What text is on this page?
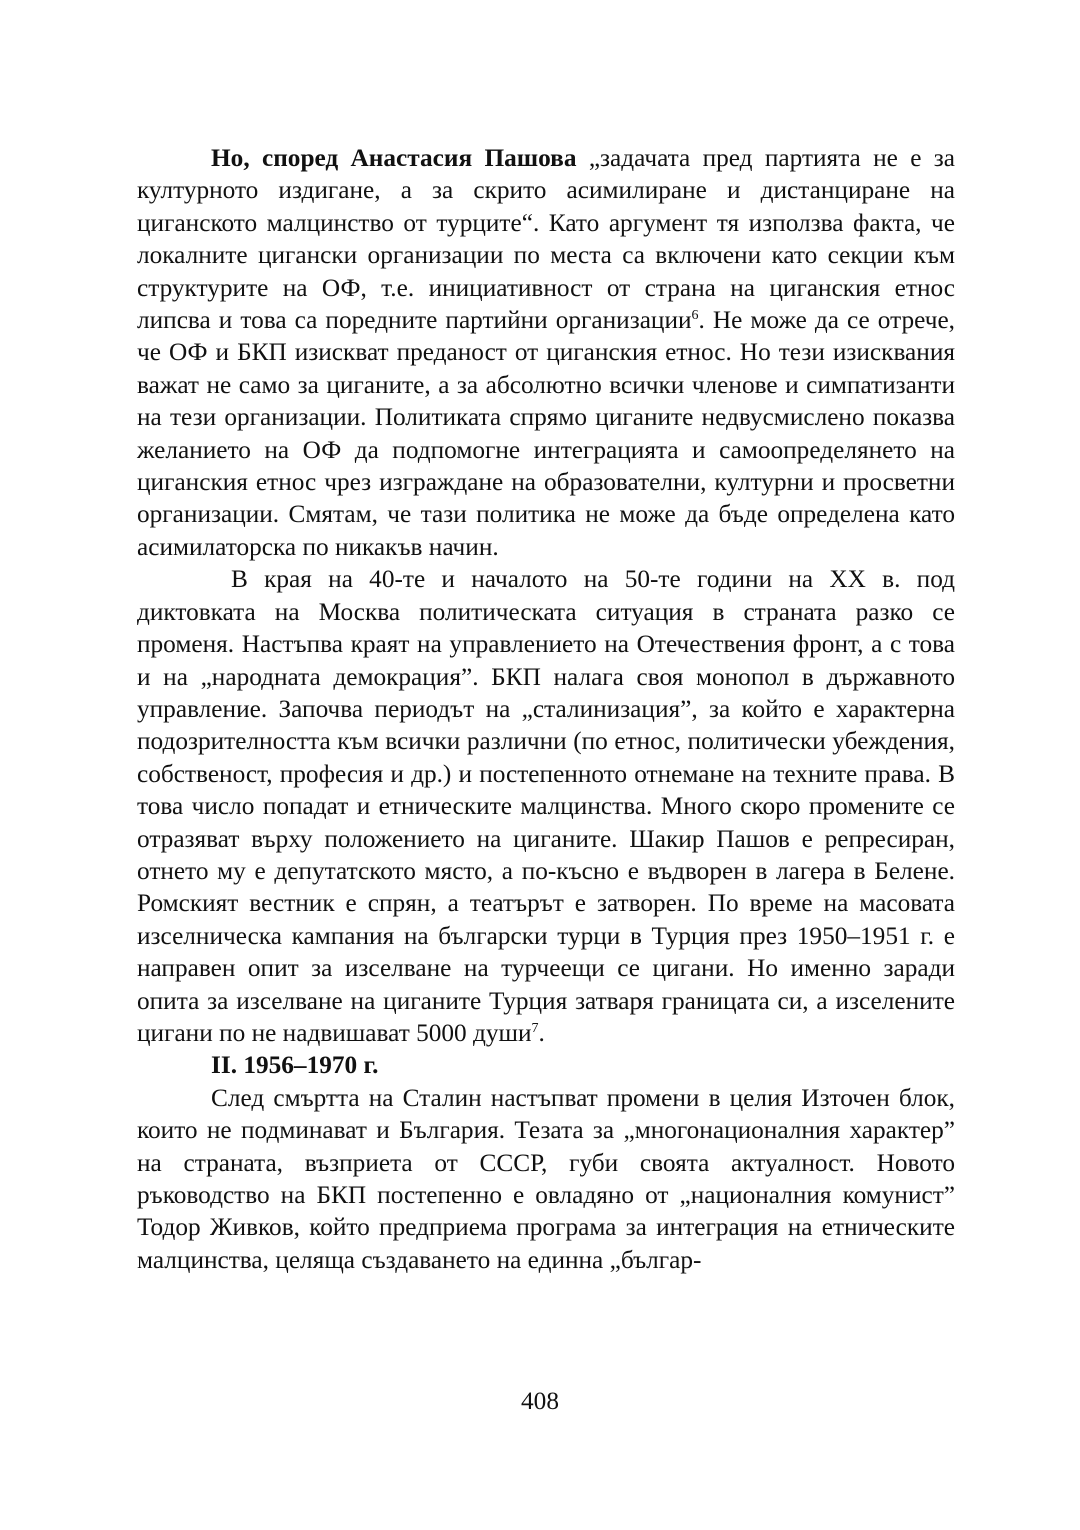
Но, според Анастасия Пашова „задачата пред партията не е за културното издигане, а за скрито асимилиране и дистанциране на циганското малцинство от турците“. Като аргумент тя използва факта, че локалните цигански организации по места са включени като секции към структурите на ОФ, т.е. инициативност от страна на циганския етнос липсва и това са поредните партийни организации$^6$. Не може да се отрече, че ОФ и БКП изискват преданост от циганския етнос. Но тези изисквания важат не само за циганите, а за абсолютно всички членове и симпатизанти на тези организации. Политиката спрямо циганите недвусмислено показва желанието на ОФ да подпомогне интеграцията и самоопределянето на циганския етнос чрез изграждане на образователни, културни и просветни организации. Смятам, че тази политика не може да бъде определена като асимилаторска по никакъв начин.

В края на 40-те и началото на 50-те години на XX в. под диктовката на Москва политическата ситуация в страната разко се променя. Настъпва краят на управлението на Отечествения фронт, а с това и на „народната демокрация”. БКП налага своя монопол в държавното управление. Започва периодът на „сталинизация”, за който е характерна подозрителността към всички различни (по етнос, политически убеждения, собственост, професия и др.) и постепенното отнемане на техните права. В това число попадат и етническите малцинства. Много скоро промените се отразяват върху положението на циганите. Шакир Пашов е репресиран, отнето му е депутатското място, а по-късно е въдворен в лагера в Белене. Ромският вестник е спрян, а театърът е затворен. По време на масовата изселническа кампания на български турци в Турция през 1950–1951 г. е направен опит за изселване на турчеещи се цигани. Но именно заради опита за изселване на циганите Турция затваря границата си, а изселените цигани по не надвишават 5000 души$^7$.

II. 1956–1970 г.

След смъртта на Сталин настъпват промени в целия Източен блок, които не подминават и България. Тезата за „многонационалния характер” на страната, възприета от СССР, губи своята актуалност. Новото ръководство на БКП постепенно е овладяно от „националния комунист” Тодор Живков, който предприема програма за интеграция на етническите малцинства, целяща създаването на единна „българ-

408
